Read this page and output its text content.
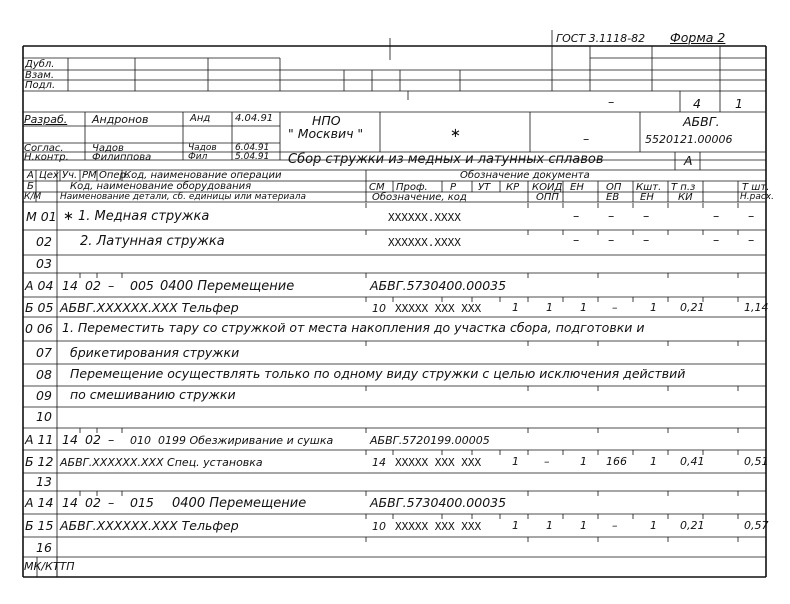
ГОСТ 3.1118-82 Форма 2
Дубл.
Взам.
Подл.
–	4	1
Разраб. Андронов	Анд 4.04.91
Соглас.	Чадов	Чадов 6.04.91
Н.контр. Филиппова	Фил	5.04.91
НПО
" Москвич "	∗	–
АБВГ.
5520121.00006
Сбор стружки из медных и латунных сплавов	А
А Цех Уч. РМ Опер.
Код, наименование операции	Обозначение документа
Б	Код, наименование оборудования	СМ Проф. Р УТ КР КОИД ЕН ОП Кшт. Т п.з	Т шт.
К/М Наименование детали, сб. единицы или материала	Обозначение, код	ОПП	ЕВ ЕН КИ	Н.расх.
М 01 ∗ 1. Медная стружка	XXXXXX.XXXX	– – –	– –
02 2. Латунная стружка	XXXXXX.XXXX	– – –	– –
03
А 04 14 02 – 005 0400 Перемещение	АБВГ.5730400.00035
Б 05 АБВГ.XXXXXX.XXX Тельфер	10 XXXXX XXX XXX	1 1 1 –	1 0,21	1,14
0 06 1. Переместить тару со стружкой от места накопления до участка сбора, подготовки и
07 брикетирования стружки
08 Перемещение осуществлять только по одному виду стружки с целью исключения действий
09 по смешиванию стружки
10
А 11 14 02 – 010 0199 Обезжиривание и сушка	АБВГ.5720199.00005
Б 12 АБВГ.XXXXXX.XXX Спец. установка	14 XXXXX XXX XXX	1 –	1 166 1 0,41	0,51
13
А 14 14 02 – 015 0400 Перемещение	АБВГ.5730400.00035
Б 15 АБВГ.XXXXXX.XXX Тельфер	10 XXXXX XXX XXX	1 1 1 –	1 0,21	0,57
16
МК/КТТП
